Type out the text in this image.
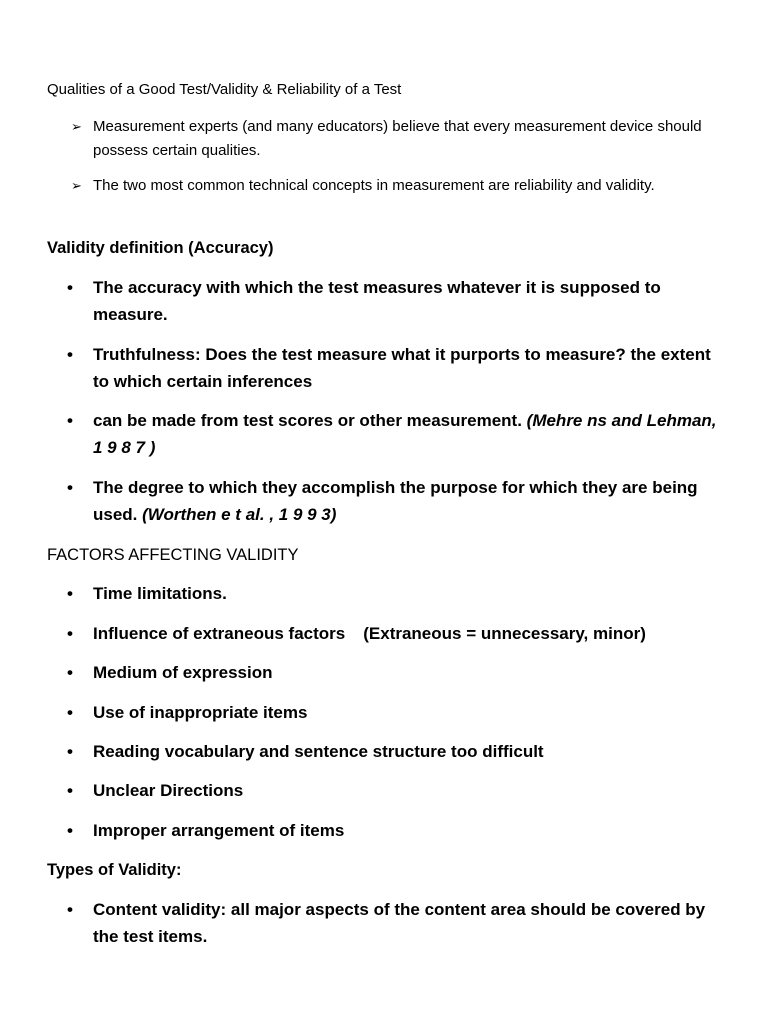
Qualities of a Good Test/Validity & Reliability of a Test
➢ Measurement experts (and many educators) believe that every measurement device should possess certain qualities.
➢ The two most common technical concepts in measurement are reliability and validity.
Validity definition (Accuracy)
• The accuracy with which the test measures whatever it is supposed to measure.
• Truthfulness: Does the test measure what it purports to measure? the extent to which certain inferences
• can be made from test scores or other measurement. (Mehre ns and Lehman, 1 9 8 7 )
• The degree to which they accomplish the purpose for which they are being used. (Worthen e t al. , 1 9 9 3)
FACTORS AFFECTING VALIDITY
• Time limitations.
• Influence of extraneous factors (Extraneous = unnecessary, minor)
• Medium of expression
• Use of inappropriate items
• Reading vocabulary and sentence structure too difficult
• Unclear Directions
• Improper arrangement of items
Types of Validity:
• Content validity: all major aspects of the content area should be covered by the test items.
